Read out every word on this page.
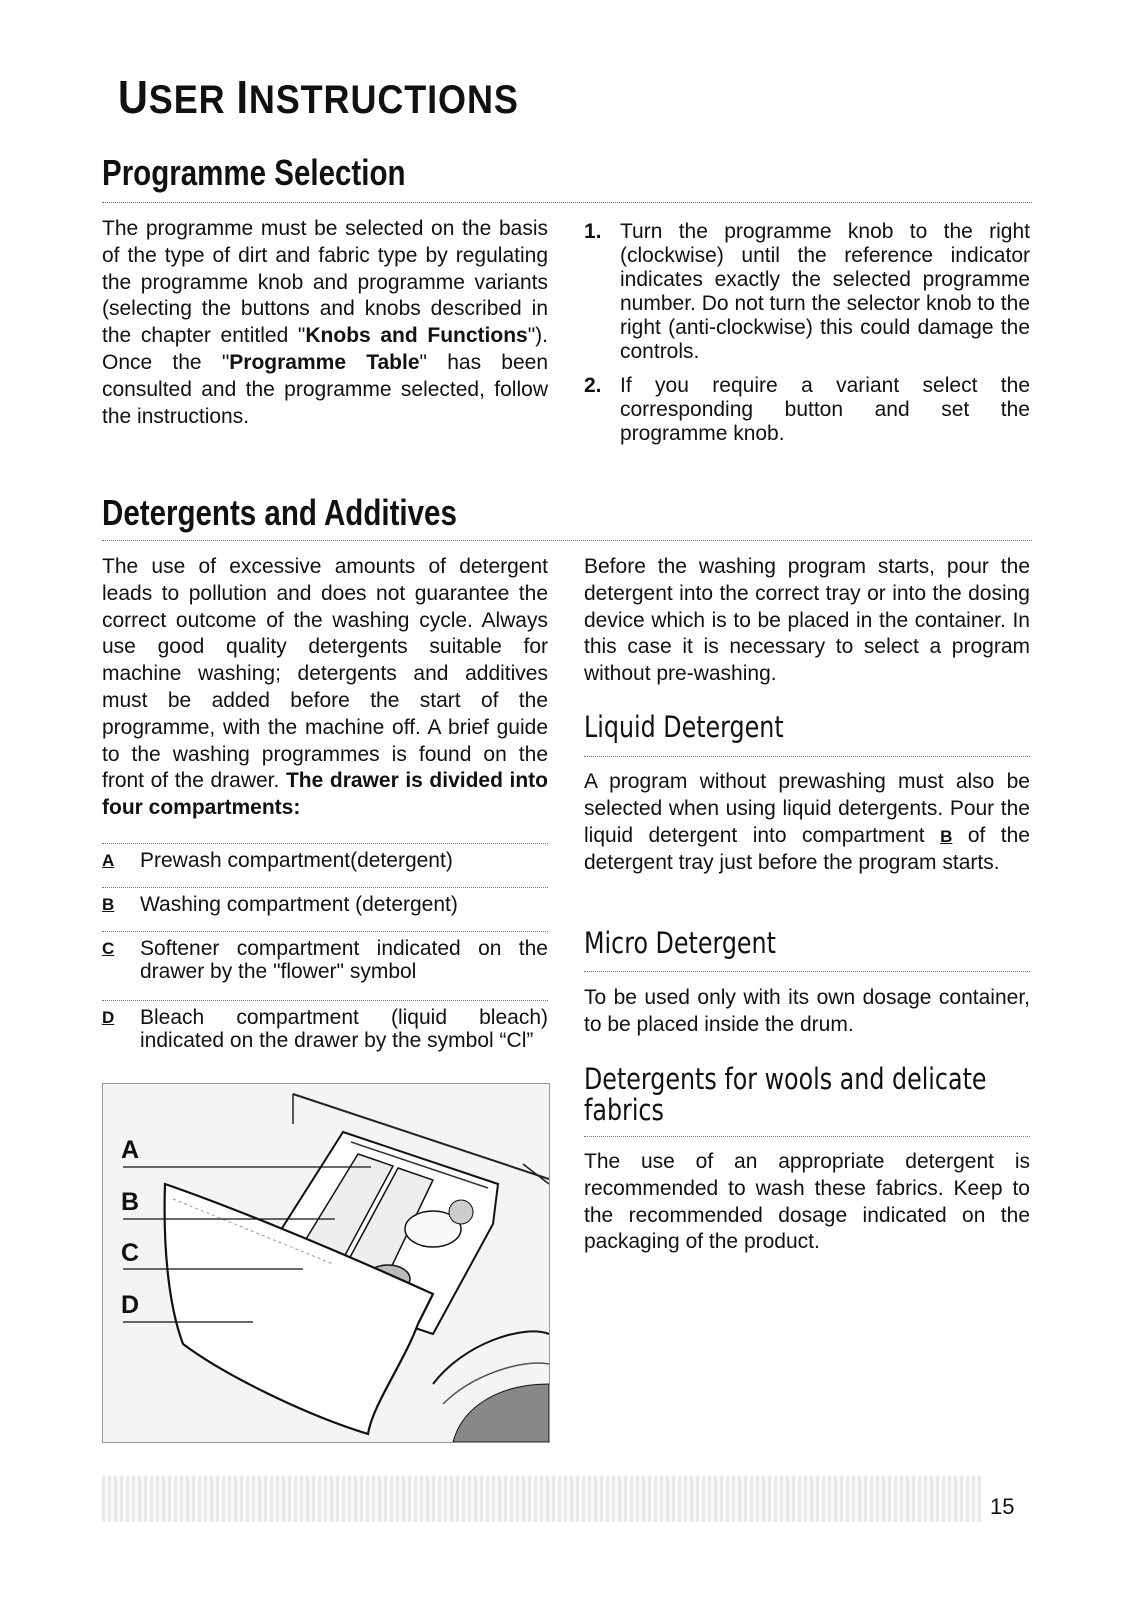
USER INSTRUCTIONS
Programme Selection
The programme must be selected on the basis of the type of dirt and fabric type by regulating the programme knob and programme variants (selecting the buttons and knobs described in the chapter entitled "Knobs and Functions"). Once the "Programme Table" has been consulted and the programme selected, follow the instructions.
1. Turn the programme knob to the right (clockwise) until the reference indicator indicates exactly the selected programme number. Do not turn the selector knob to the right (anti-clockwise) this could damage the controls.
2. If you require a variant select the corresponding button and set the programme knob.
Detergents and Additives
The use of excessive amounts of detergent leads to pollution and does not guarantee the correct outcome of the washing cycle. Always use good quality detergents suitable for machine washing; detergents and additives must be added before the start of the programme, with the machine off. A brief guide to the washing programmes is found on the front of the drawer. The drawer is divided into four compartments:
A	Prewash compartment(detergent)
B	Washing compartment (detergent)
C	Softener compartment indicated on the drawer by the "flower" symbol
D	Bleach compartment (liquid bleach) indicated on the drawer by the symbol “Cl”
A
B
C
D
Before the washing program starts, pour the detergent into the correct tray or into the dosing device which is to be placed in the container. In this case it is necessary to select a program without pre-washing.
Liquid Detergent
A program without prewashing must also be selected when using liquid detergents. Pour the liquid detergent into compartment B of the detergent tray just before the program starts.
Micro Detergent
To be used only with its own dosage container, to be placed inside the drum.
Detergents for wools and delicate fabrics
The use of an appropriate detergent is recommended to wash these fabrics. Keep to the recommended dosage indicated on the packaging of the product.
15
